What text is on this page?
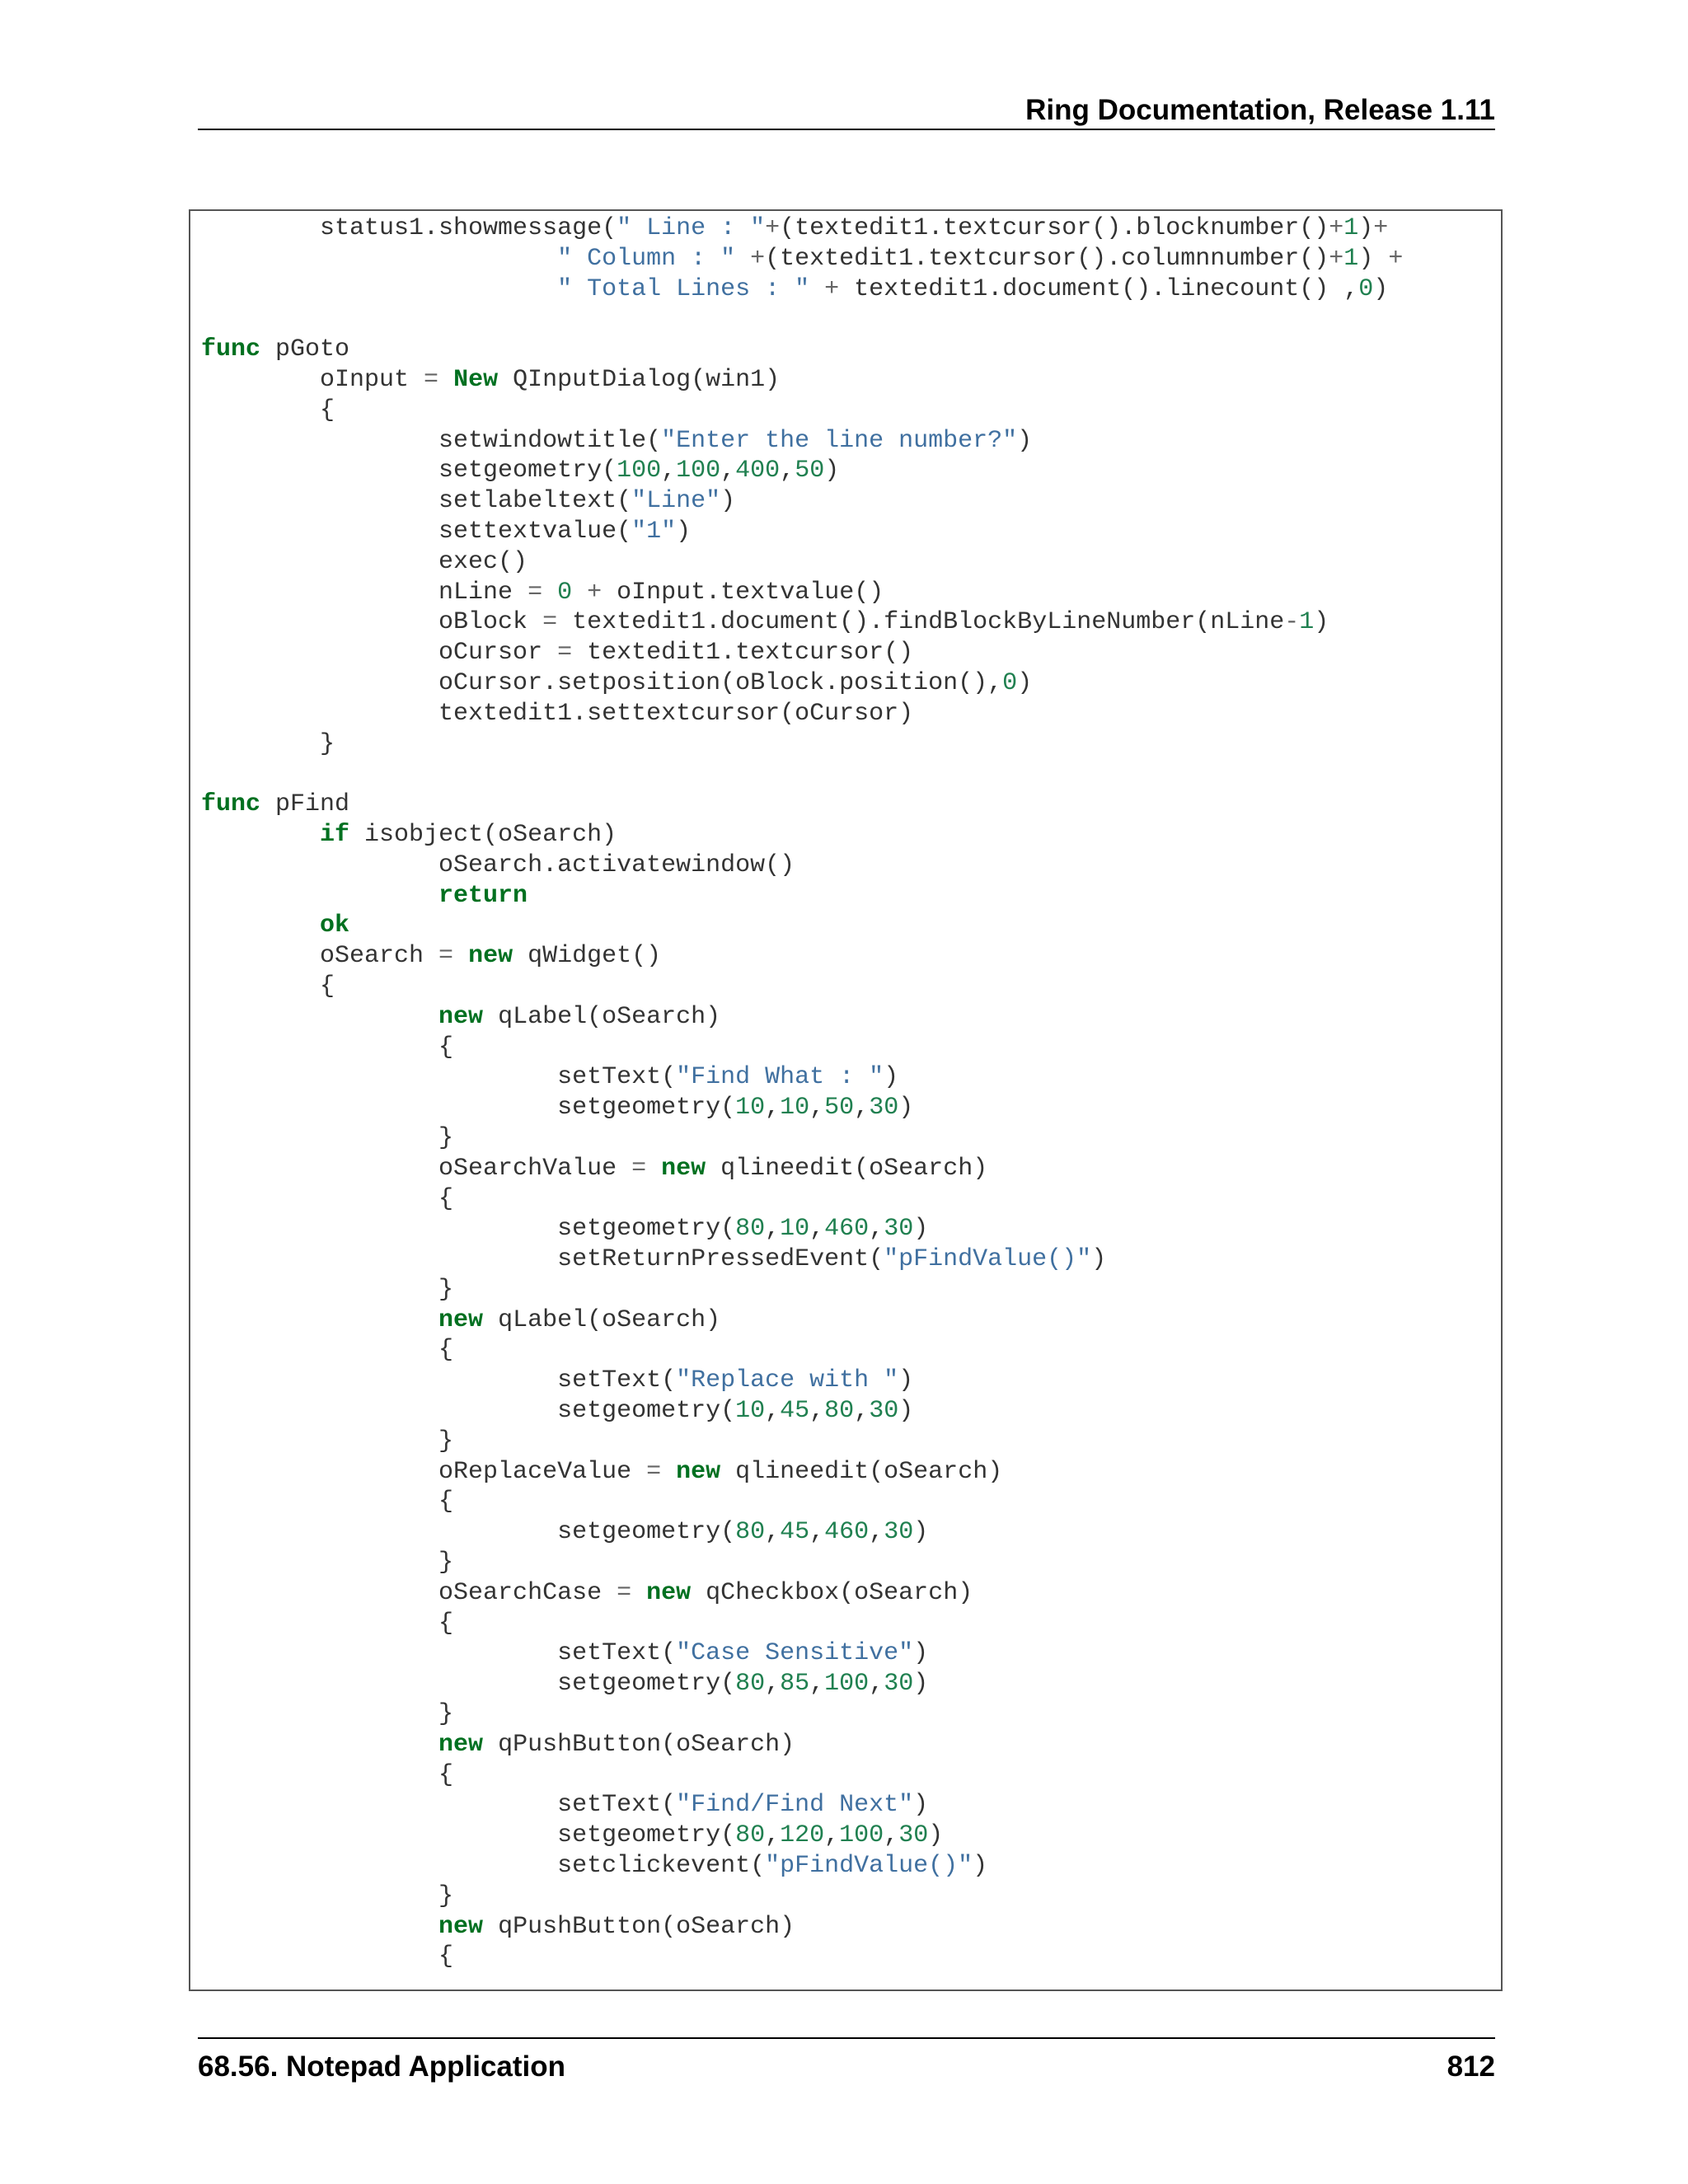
Ring Documentation, Release 1.11
status1.showmessage(" Line : "+(textedit1.textcursor().blocknumber()+1)+
" Column : " +(textedit1.textcursor().columnnumber()+1) +
" Total Lines : " + textedit1.document().linecount() ,0)

func pGoto
oInput = New QInputDialog(win1)
{
setwindowtitle("Enter the line number?")
setgeometry(100,100,400,50)
setlabeltext("Line")
settextvalue("1")
exec()
nLine = 0 + oInput.textvalue()
oBlock = textedit1.document().findBlockByLineNumber(nLine-1)
oCursor = textedit1.textcursor()
oCursor.setposition(oBlock.position(),0)
textedit1.settextcursor(oCursor)
}

func pFind
if isobject(oSearch)
oSearch.activatewindow()
return
ok
oSearch = new qWidget()
{
new qLabel(oSearch)
{
setText("Find What : ")
setgeometry(10,10,50,30)
}
oSearchValue = new qlineedit(oSearch)
{
setgeometry(80,10,460,30)
setReturnPressedEvent("pFindValue()")
}
new qLabel(oSearch)
{
setText("Replace with ")
setgeometry(10,45,80,30)
}
oReplaceValue = new qlineedit(oSearch)
{
setgeometry(80,45,460,30)
}
oSearchCase = new qCheckbox(oSearch)
{
setText("Case Sensitive")
setgeometry(80,85,100,30)
}
new qPushButton(oSearch)
{
setText("Find/Find Next")
setgeometry(80,120,100,30)
setclickevent("pFindValue()")
}
new qPushButton(oSearch)
{
68.56. Notepad Application	812
